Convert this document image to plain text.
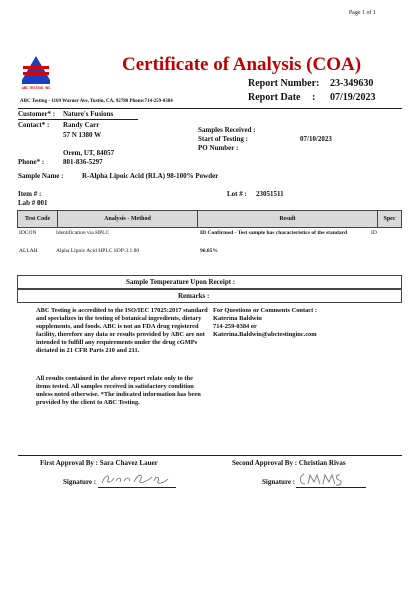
Page 1 of 1
ABC TESTING, INC
Certificate of Analysis (COA)
Report Number: 23-349630
Report Date : 07/19/2023
ABC Testing - 1169 Warner Ave, Tustin, CA, 92780 Phone:714-259-0384
Customer* : Nature's Fusions
Contact* : Randy Carr
57 N 1380 W
Orem, UT, 84057
Phone* :	801-836-5297
Samples Received :
Start of Testing :	07/10/2023
PO Number :
Sample Name :	R-Alpha Lipoic Acid (RLA) 98-100% Powder
Item # :	Lot # : 23051511
Lab # :
001
Test Code	Analysis - Method	Result	Spec
IDCON	Identification via HPLC	ID Confirmed - Test sample has characteristics of the standard	ID
ALLAH	Alpha Lipoic Acid HPLC SOP:3.1.80	96.05%
Sample Temperature Upon Receipt :
Remarks :
ABC Testing is accredited to the ISO/IEC 17025:2017 standard and specializes in the testing of botanical ingredients, dietary supplements, and foods. ABC is not an FDA drug registered facility, therefore any data or results provided by ABC are not intended to fulfill any requirements under the drug cGMPs dictated in 21 CFR Parts 210 and 211.
All results contained in the above report relate only to the items tested. All samples received in satisfactory condition unless noted otherwise. *The indicated information has been provided by the client to ABC Testing.
For Questions or Comments Contact :
Katerina Baldwin
714-259-0384 or
Katerina.Baldwin@abctestinginc.com
First Approval By : Sara Chavez Lauer	Second Approval By : Christian Rivas
Signature :	Signature :
